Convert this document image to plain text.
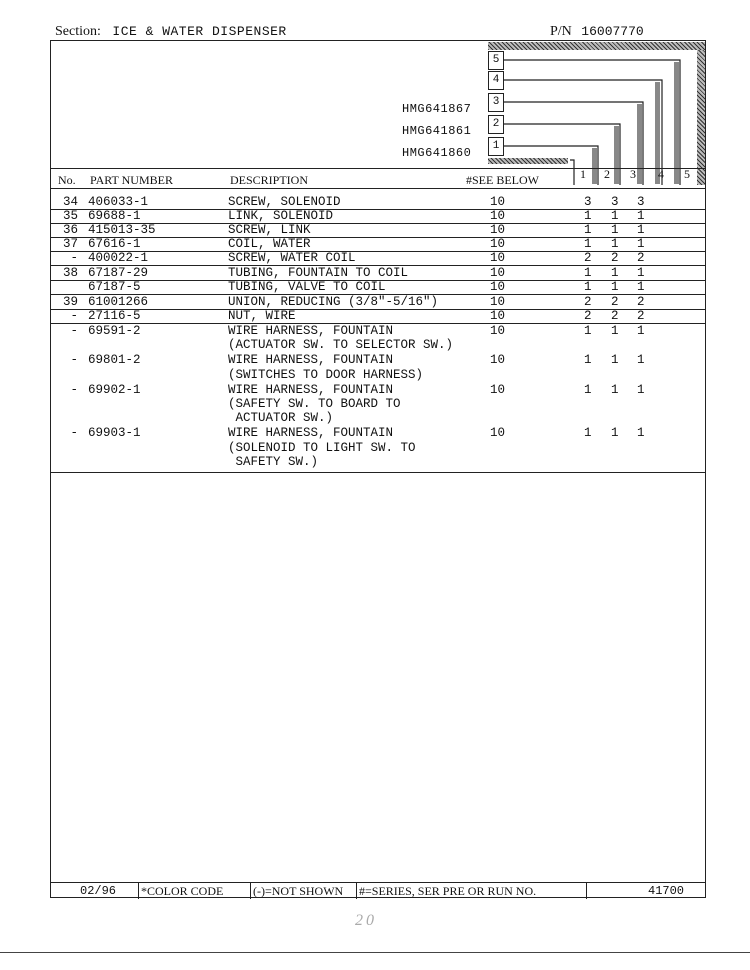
Section: ICE & WATER DISPENSER	P/N 16007770
5
4
3
2
1
HMG641867
HMG641861
HMG641860
No. PART NUMBER	DESCRIPTION	#SEE BELOW	1 2 3 4 5
34 406033-1	SCREW, SOLENOID	10	3 3 3
35 69688-1	LINK, SOLENOID	10	1 1 1
36 415013-35	SCREW, LINK	10	1 1 1
37 67616-1	COIL, WATER	10	1 1 1
- 400022-1	SCREW, WATER COIL	10	2 2 2
38 67187-29	TUBING, FOUNTAIN TO COIL	10	1 1 1
67187-5	TUBING, VALVE TO COIL	10	1 1 1
39 61001266	UNION, REDUCING (3/8"-5/16")	10	2 2 2
- 27116-5	NUT, WIRE	10	2 2 2
- 69591-2	WIRE HARNESS, FOUNTAIN	10	1 1 1
(ACTUATOR SW. TO SELECTOR SW.)
- 69801-2	WIRE HARNESS, FOUNTAIN	10	1 1 1
(SWITCHES TO DOOR HARNESS)
- 69902-1	WIRE HARNESS, FOUNTAIN	10	1 1 1
(SAFETY SW. TO BOARD TO
ACTUATOR SW.)
- 69903-1	WIRE HARNESS, FOUNTAIN	10	1 1 1
(SOLENOID TO LIGHT SW. TO
SAFETY SW.)
02/96 *COLOR CODE (-)=NOT SHOWN #=SERIES, SER PRE OR RUN NO.	41700
20
